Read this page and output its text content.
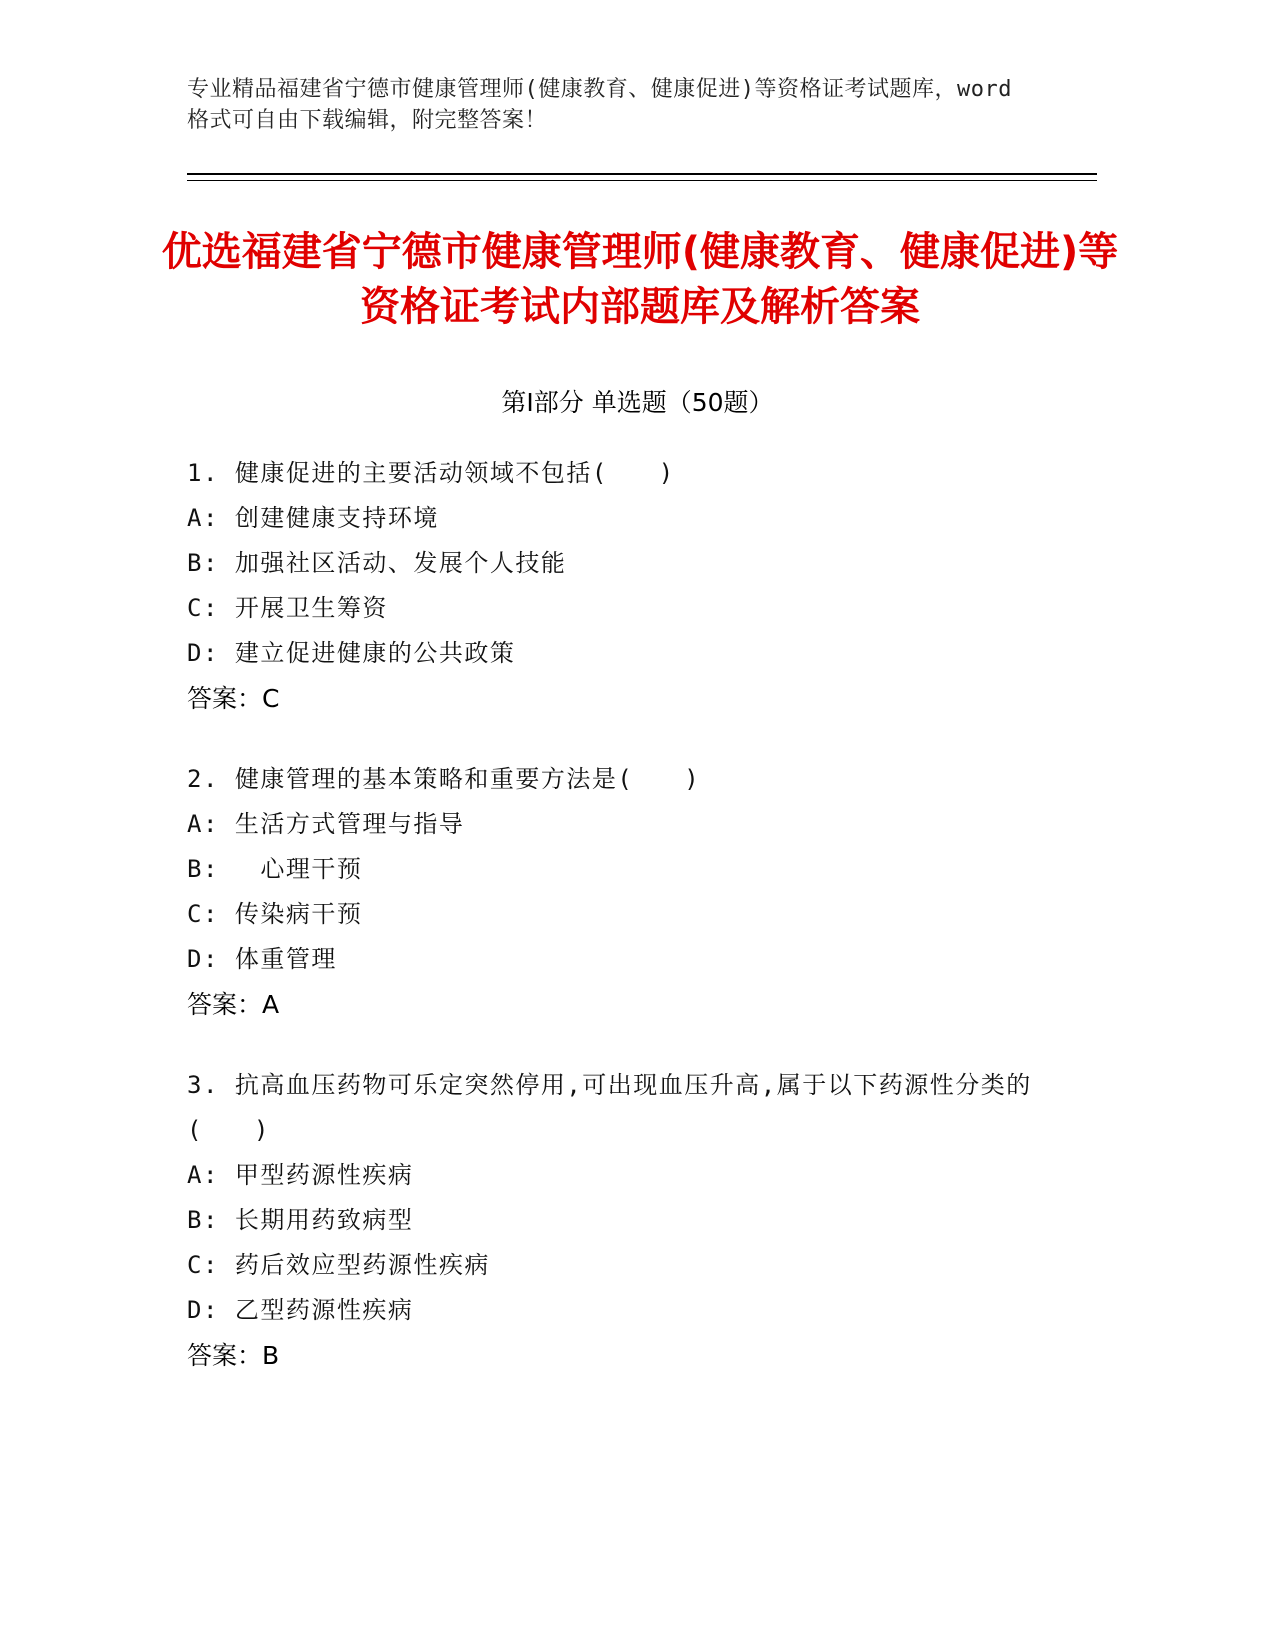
专业精品福建省宁德市健康管理师(健康教育、健康促进)等资格证考试题库，word
格式可自由下载编辑，附完整答案！
优选福建省宁德市健康管理师(健康教育、健康促进)等资格证考试内部题库及解析答案
第Ⅰ部分 单选题（50题）
1. 健康促进的主要活动领域不包括(　　)
A: 创建健康支持环境
B: 加强社区活动、发展个人技能
C: 开展卫生筹资
D: 建立促进健康的公共政策
答案：C
2. 健康管理的基本策略和重要方法是(　　)
A: 生活方式管理与指导
B: 　心理干预
C: 传染病干预
D: 体重管理
答案：A
3. 抗高血压药物可乐定突然停用,可出现血压升高,属于以下药源性分类的(　　)
A: 甲型药源性疾病
B: 长期用药致病型
C: 药后效应型药源性疾病
D: 乙型药源性疾病
答案：B
